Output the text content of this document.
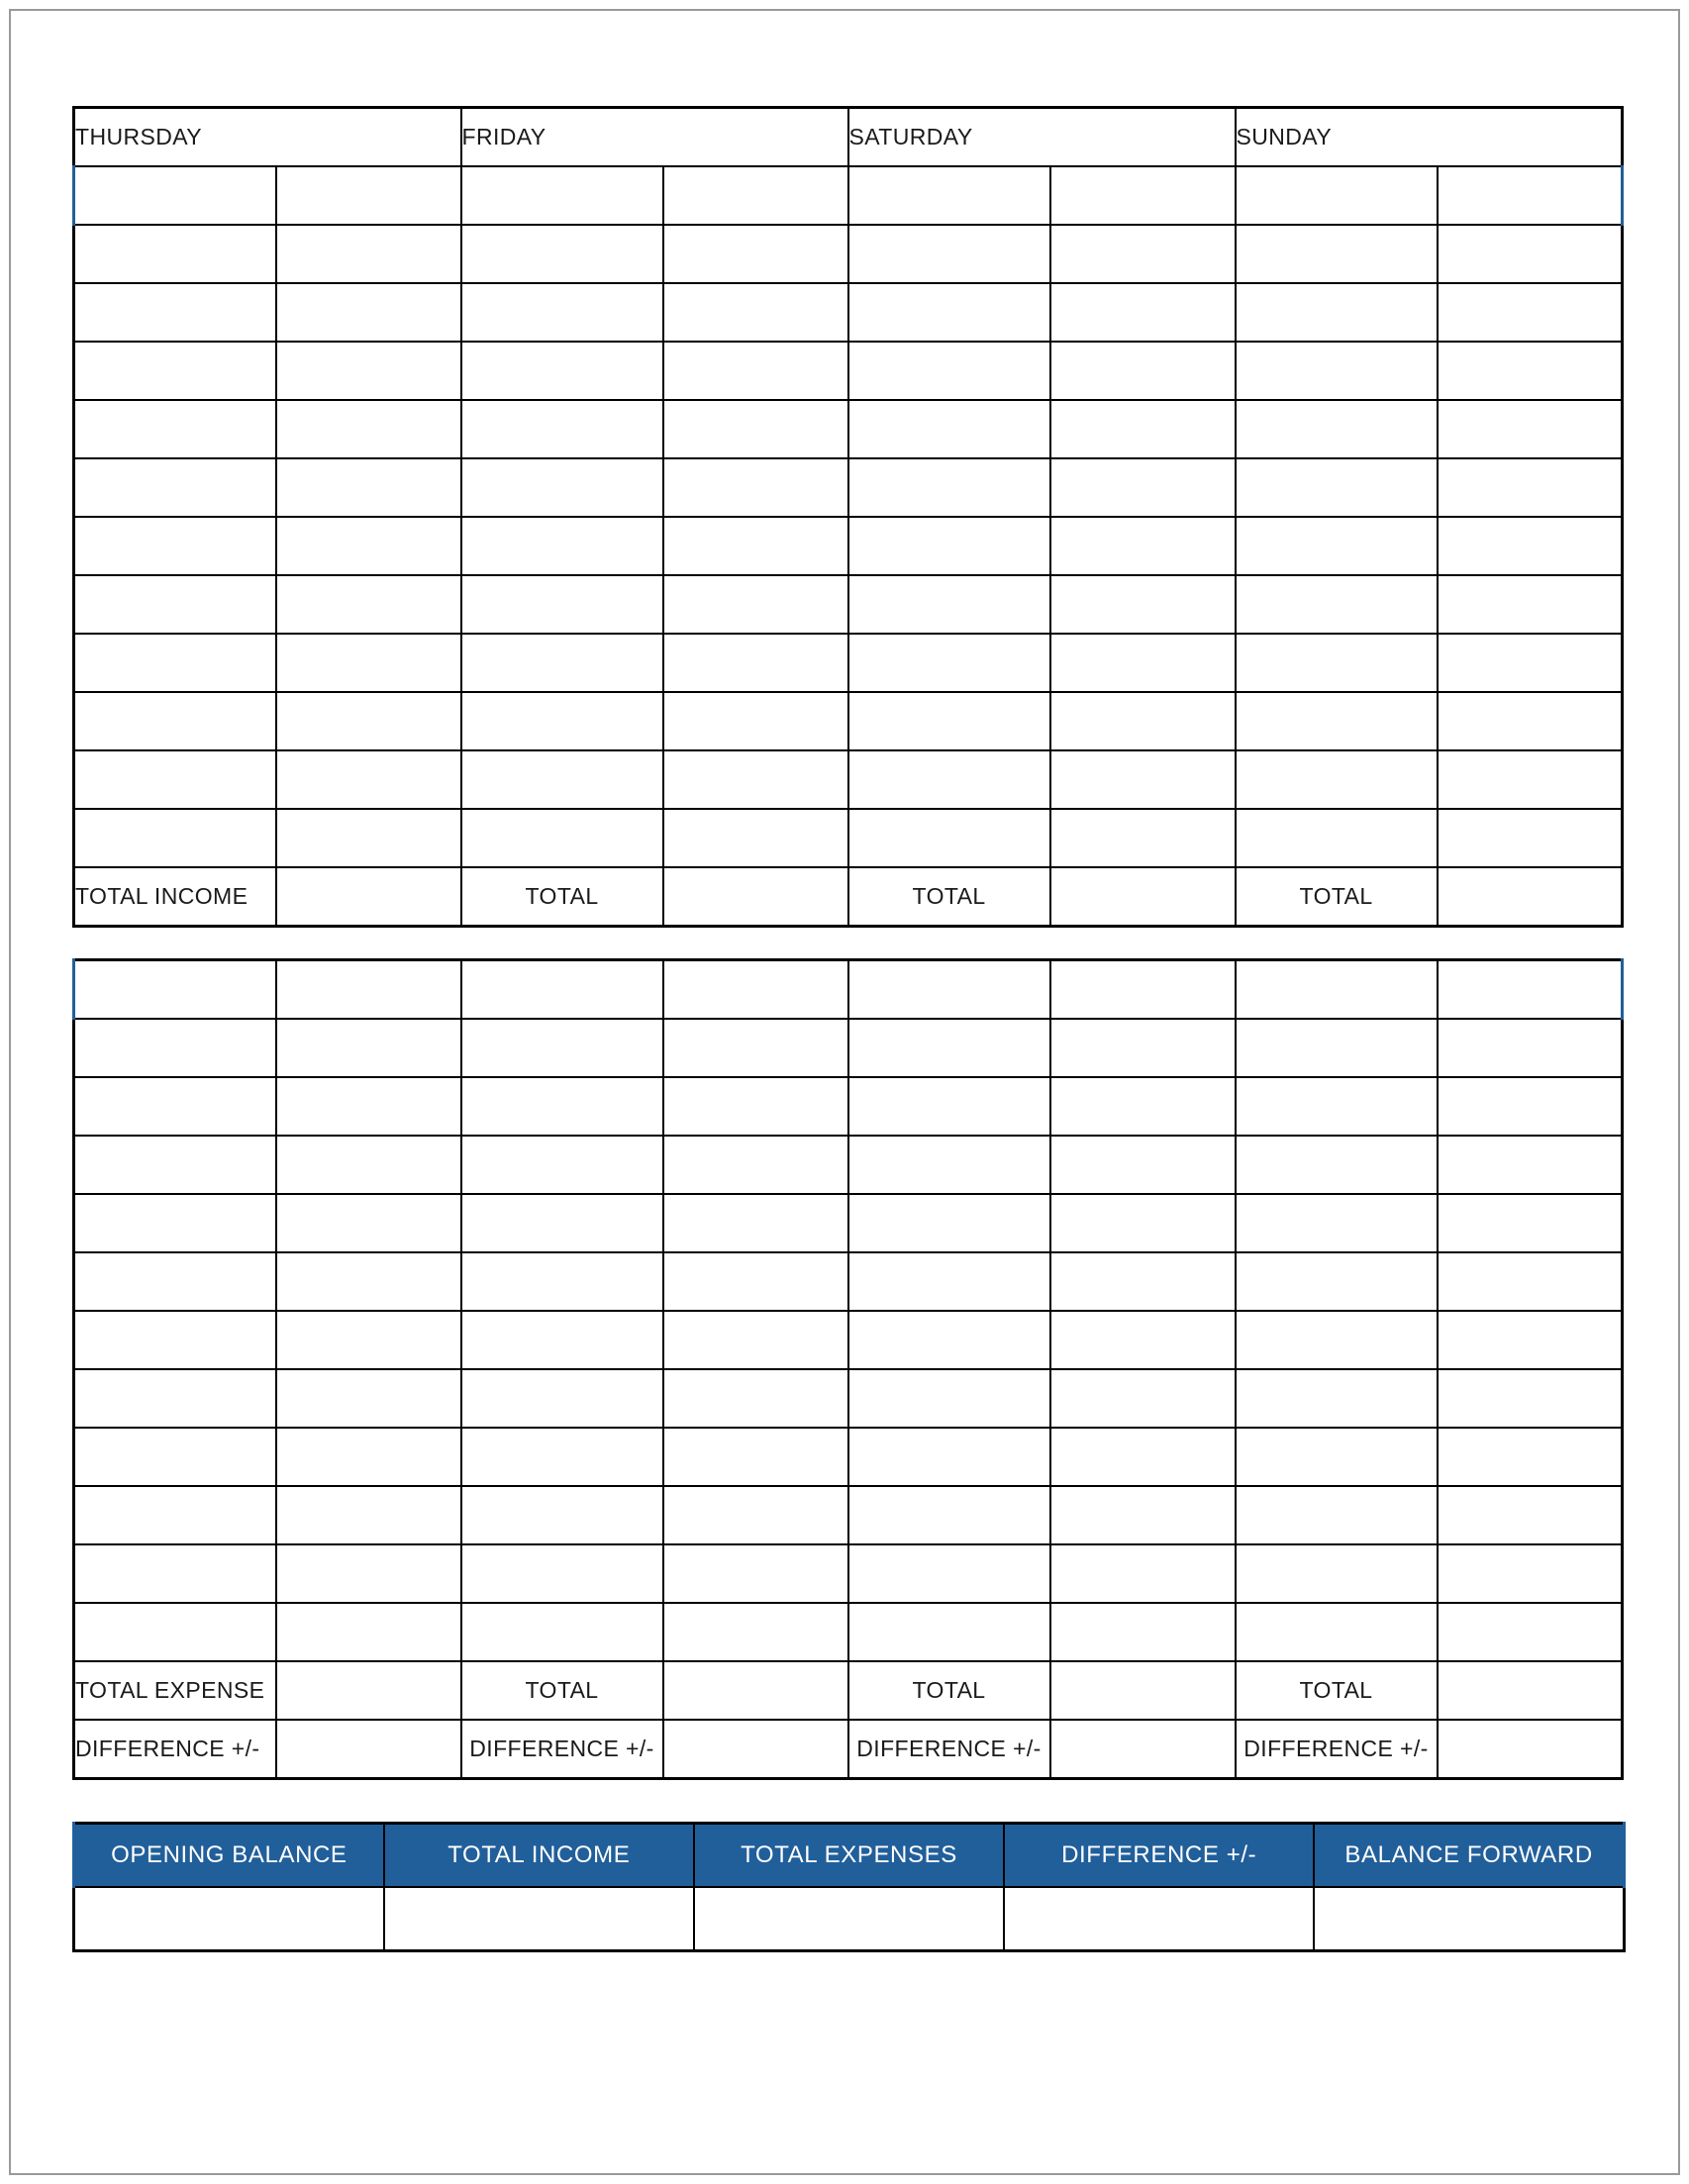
THURSDAY		FRIDAY		SATURDAY		SUNDAY	
INCOME	$	INCOME	$	INCOME	$	INCOME	$

TOTAL INCOME		TOTAL		TOTAL		TOTAL	
EXPENSES	$	EXPENSES	$	EXPENSES	$	EXPENSES	$

TOTAL EXPENSE		TOTAL		TOTAL		TOTAL	
DIFFERENCE +/-		DIFFERENCE +/-		DIFFERENCE +/-		DIFFERENCE +/-	
OPENING BALANCE	TOTAL INCOME	TOTAL EXPENSES	DIFFERENCE +/-	BALANCE FORWARD
